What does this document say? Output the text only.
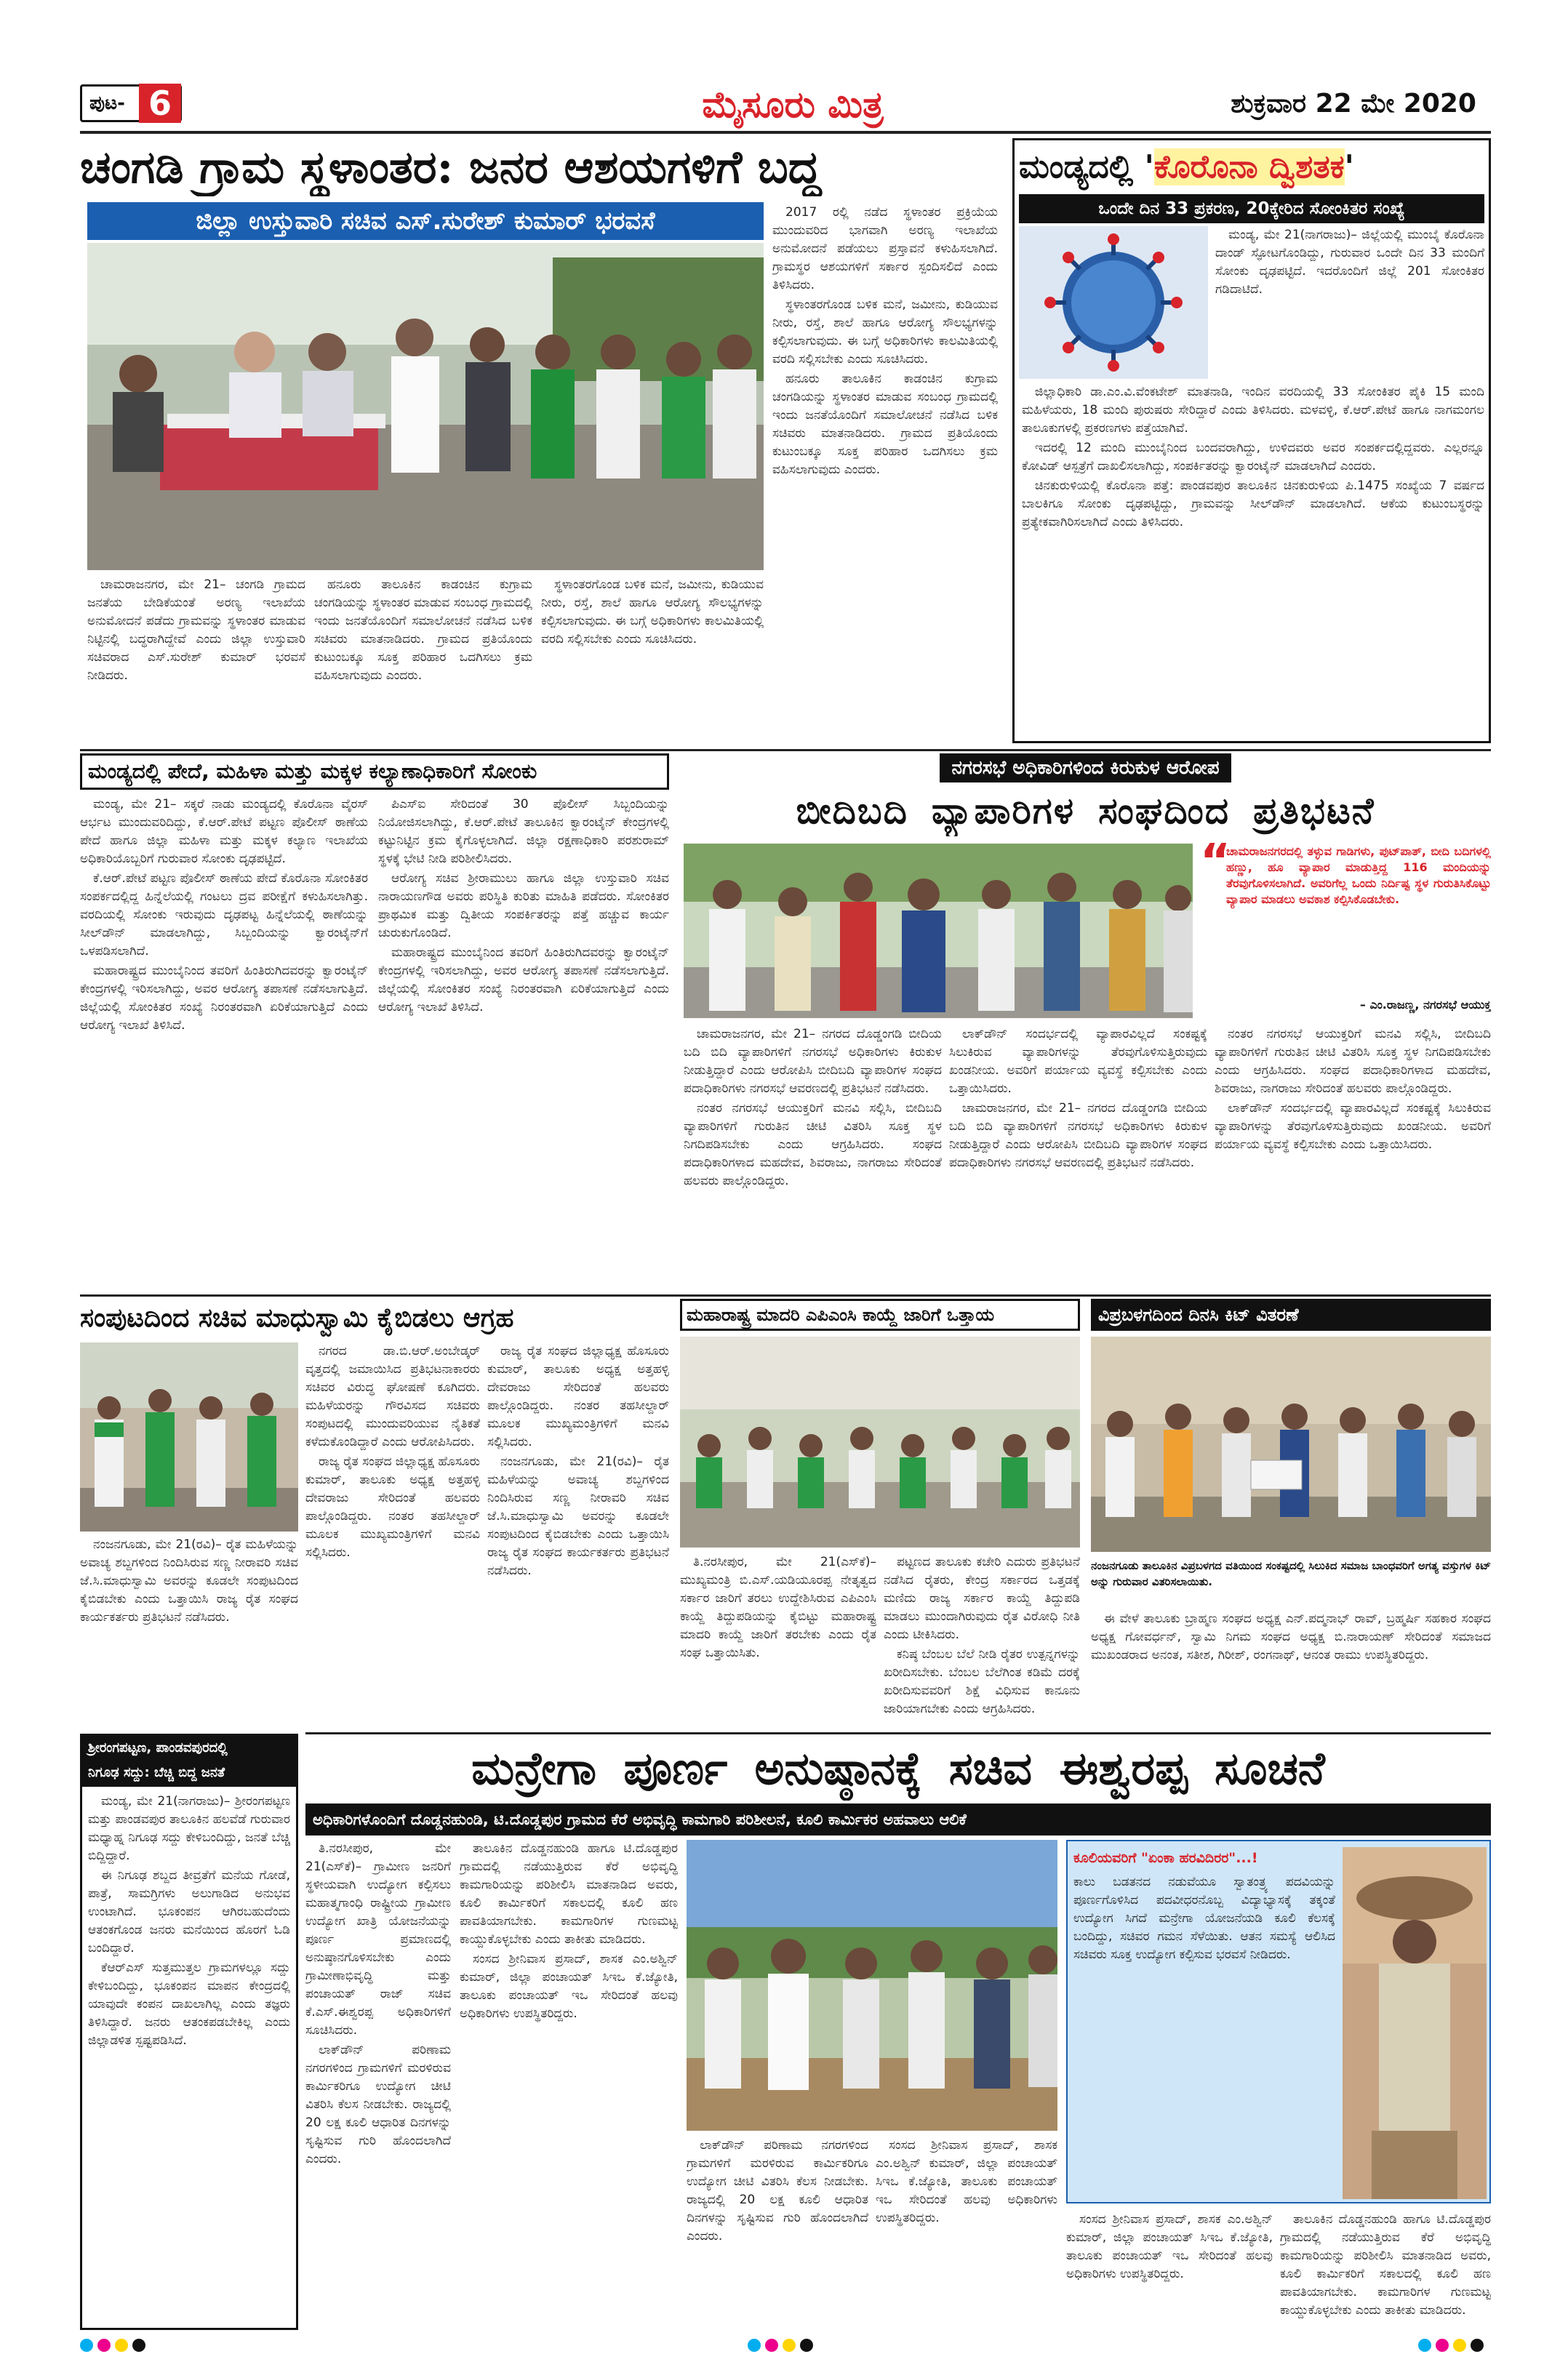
ಪುಟ- 6	ಮೈಸೂರು ಮಿತ್ರ	ಶುಕ್ರವಾರ 22 ಮೇ 2020
ಚಂಗಡಿ ಗ್ರಾಮ ಸ್ಥಳಾಂತರ: ಜನರ ಆಶಯಗಳಿಗೆ ಬದ್ಧ
ಜಿಲ್ಲಾ ಉಸ್ತುವಾರಿ ಸಚಿವ ಎಸ್.ಸುರೇಶ್ ಕುಮಾರ್ ಭರವಸೆ

ಚಾಮರಾಜನಗರ, ಮೇ 21– ಚಂಗಡಿ ಗ್ರಾಮದ ಜನತೆಯ ಬೇಡಿಕೆಯಂತೆ ಅರಣ್ಯ ಇಲಾಖೆಯ ಅನುಮೋದನೆ ಪಡೆದು ಗ್ರಾಮವನ್ನು ಸ್ಥಳಾಂತರ ಮಾಡುವ ನಿಟ್ಟಿನಲ್ಲಿ ಬದ್ಧರಾಗಿದ್ದೇವೆ ಎಂದು ಜಿಲ್ಲಾ ಉಸ್ತುವಾರಿ ಸಚಿವರಾದ ಎಸ್.ಸುರೇಶ್ ಕುಮಾರ್ ಭರವಸೆ ನೀಡಿದರು.

ಹನೂರು ತಾಲೂಕಿನ ಕಾಡಂಚಿನ ಕುಗ್ರಾಮ ಚಂಗಡಿಯನ್ನು ಸ್ಥಳಾಂತರ ಮಾಡುವ ಸಂಬಂಧ ಗ್ರಾಮದಲ್ಲಿ ಇಂದು ಜನತೆಯೊಂದಿಗೆ ಸಮಾಲೋಚನೆ ನಡೆಸಿದ ಬಳಿಕ ಸಚಿವರು ಮಾತನಾಡಿದರು. ಗ್ರಾಮದ ಪ್ರತಿಯೊಂದು ಕುಟುಂಬಕ್ಕೂ ಸೂಕ್ತ ಪರಿಹಾರ ಒದಗಿಸಲು ಕ್ರಮ ವಹಿಸಲಾಗುವುದು ಎಂದರು.

ಸ್ಥಳಾಂತರಗೊಂಡ ಬಳಿಕ ಮನೆ, ಜಮೀನು, ಕುಡಿಯುವ ನೀರು, ರಸ್ತೆ, ಶಾಲೆ ಹಾಗೂ ಆರೋಗ್ಯ ಸೌಲಭ್ಯಗಳನ್ನು ಕಲ್ಪಿಸಲಾಗುವುದು. ಈ ಬಗ್ಗೆ ಅಧಿಕಾರಿಗಳು ಕಾಲಮಿತಿಯಲ್ಲಿ ವರದಿ ಸಲ್ಲಿಸಬೇಕು ಎಂದು ಸೂಚಿಸಿದರು.

2017 ರಲ್ಲಿ ನಡೆದ ಸ್ಥಳಾಂತರ ಪ್ರಕ್ರಿಯೆಯ ಮುಂದುವರಿದ ಭಾಗವಾಗಿ ಅರಣ್ಯ ಇಲಾಖೆಯ ಅನುಮೋದನೆ ಪಡೆಯಲು ಪ್ರಸ್ತಾವನೆ ಕಳುಹಿಸಲಾಗಿದೆ. ಗ್ರಾಮಸ್ಥರ ಆಶಯಗಳಿಗೆ ಸರ್ಕಾರ ಸ್ಪಂದಿಸಲಿದೆ ಎಂದು ತಿಳಿಸಿದರು.

ಸ್ಥಳಾಂತರಗೊಂಡ ಬಳಿಕ ಮನೆ, ಜಮೀನು, ಕುಡಿಯುವ ನೀರು, ರಸ್ತೆ, ಶಾಲೆ ಹಾಗೂ ಆರೋಗ್ಯ ಸೌಲಭ್ಯಗಳನ್ನು ಕಲ್ಪಿಸಲಾಗುವುದು. ಈ ಬಗ್ಗೆ ಅಧಿಕಾರಿಗಳು ಕಾಲಮಿತಿಯಲ್ಲಿ ವರದಿ ಸಲ್ಲಿಸಬೇಕು ಎಂದು ಸೂಚಿಸಿದರು.

ಹನೂರು ತಾಲೂಕಿನ ಕಾಡಂಚಿನ ಕುಗ್ರಾಮ ಚಂಗಡಿಯನ್ನು ಸ್ಥಳಾಂತರ ಮಾಡುವ ಸಂಬಂಧ ಗ್ರಾಮದಲ್ಲಿ ಇಂದು ಜನತೆಯೊಂದಿಗೆ ಸಮಾಲೋಚನೆ ನಡೆಸಿದ ಬಳಿಕ ಸಚಿವರು ಮಾತನಾಡಿದರು. ಗ್ರಾಮದ ಪ್ರತಿಯೊಂದು ಕುಟುಂಬಕ್ಕೂ ಸೂಕ್ತ ಪರಿಹಾರ ಒದಗಿಸಲು ಕ್ರಮ ವಹಿಸಲಾಗುವುದು ಎಂದರು.

ಮಂಡ್ಯದಲ್ಲಿ 'ಕೊರೊನಾ ದ್ವಿಶತಕ'
ಒಂದೇ ದಿನ 33 ಪ್ರಕರಣ, 20ಕ್ಕೇರಿದ ಸೋಂಕಿತರ ಸಂಖ್ಯೆ

ಮಂಡ್ಯ, ಮೇ 21(ನಾಗರಾಜು)– ಜಿಲ್ಲೆಯಲ್ಲಿ ಮುಂಬೈ ಕೊರೊನಾ ದಾಂಡ್ ಸ್ಫೋಟಗೊಂಡಿದ್ದು, ಗುರುವಾರ ಒಂದೇ ದಿನ 33 ಮಂದಿಗೆ ಸೋಂಕು ದೃಢಪಟ್ಟಿದೆ. ಇದರೊಂದಿಗೆ ಜಿಲ್ಲೆ 201 ಸೋಂಕಿತರ ಗಡಿದಾಟಿದೆ.

ಜಿಲ್ಲಾಧಿಕಾರಿ ಡಾ.ಎಂ.ವಿ.ವೆಂಕಟೇಶ್ ಮಾತನಾಡಿ, ಇಂದಿನ ವರದಿಯಲ್ಲಿ 33 ಸೋಂಕಿತರ ಪೈಕಿ 15 ಮಂದಿ ಮಹಿಳೆಯರು, 18 ಮಂದಿ ಪುರುಷರು ಸೇರಿದ್ದಾರೆ ಎಂದು ತಿಳಿಸಿದರು. ಮಳವಳ್ಳಿ, ಕೆ.ಆರ್.ಪೇಟೆ ಹಾಗೂ ನಾಗಮಂಗಲ ತಾಲೂಕುಗಳಲ್ಲಿ ಪ್ರಕರಣಗಳು ಪತ್ತೆಯಾಗಿವೆ.

ಇದರಲ್ಲಿ 12 ಮಂದಿ ಮುಂಬೈನಿಂದ ಬಂದವರಾಗಿದ್ದು, ಉಳಿದವರು ಅವರ ಸಂಪರ್ಕದಲ್ಲಿದ್ದವರು. ಎಲ್ಲರನ್ನೂ ಕೋವಿಡ್ ಆಸ್ಪತ್ರೆಗೆ ದಾಖಲಿಸಲಾಗಿದ್ದು, ಸಂಪರ್ಕಿತರನ್ನು ಕ್ವಾರಂಟೈನ್ ಮಾಡಲಾಗಿದೆ ಎಂದರು.

ಚಿನಕುರುಳಿಯಲ್ಲಿ ಕೊರೊನಾ ಪತ್ತೆ: ಪಾಂಡವಪುರ ತಾಲೂಕಿನ ಚಿನಕುರುಳಿಯ ಪಿ.1475 ಸಂಖ್ಯೆಯ 7 ವರ್ಷದ ಬಾಲಕಿಗೂ ಸೋಂಕು ದೃಢಪಟ್ಟಿದ್ದು, ಗ್ರಾಮವನ್ನು ಸೀಲ್‌ಡೌನ್ ಮಾಡಲಾಗಿದೆ. ಆಕೆಯ ಕುಟುಂಬಸ್ಥರನ್ನು ಪ್ರತ್ಯೇಕವಾಗಿರಿಸಲಾಗಿದೆ ಎಂದು ತಿಳಿಸಿದರು.

ಮಂಡ್ಯದಲ್ಲಿ ಪೇದೆ, ಮಹಿಳಾ ಮತ್ತು ಮಕ್ಕಳ ಕಲ್ಯಾಣಾಧಿಕಾರಿಗೆ ಸೋಂಕು

ಮಂಡ್ಯ, ಮೇ 21– ಸಕ್ಕರೆ ನಾಡು ಮಂಡ್ಯದಲ್ಲಿ ಕೊರೊನಾ ವೈರಸ್ ಆರ್ಭಟ ಮುಂದುವರಿದಿದ್ದು, ಕೆ.ಆರ್.ಪೇಟೆ ಪಟ್ಟಣ ಪೊಲೀಸ್ ಠಾಣೆಯ ಪೇದೆ ಹಾಗೂ ಜಿಲ್ಲಾ ಮಹಿಳಾ ಮತ್ತು ಮಕ್ಕಳ ಕಲ್ಯಾಣ ಇಲಾಖೆಯ ಅಧಿಕಾರಿಯೊಬ್ಬರಿಗೆ ಗುರುವಾರ ಸೋಂಕು ದೃಢಪಟ್ಟಿದೆ.

ಕೆ.ಆರ್.ಪೇಟೆ ಪಟ್ಟಣ ಪೊಲೀಸ್ ಠಾಣೆಯ ಪೇದೆ ಕೊರೊನಾ ಸೋಂಕಿತರ ಸಂಪರ್ಕದಲ್ಲಿದ್ದ ಹಿನ್ನೆಲೆಯಲ್ಲಿ ಗಂಟಲು ದ್ರವ ಪರೀಕ್ಷೆಗೆ ಕಳುಹಿಸಲಾಗಿತ್ತು. ವರದಿಯಲ್ಲಿ ಸೋಂಕು ಇರುವುದು ದೃಢಪಟ್ಟ ಹಿನ್ನೆಲೆಯಲ್ಲಿ ಠಾಣೆಯನ್ನು ಸೀಲ್‌ಡೌನ್ ಮಾಡಲಾಗಿದ್ದು, ಸಿಬ್ಬಂದಿಯನ್ನು ಕ್ವಾರಂಟೈನ್‌ಗೆ ಒಳಪಡಿಸಲಾಗಿದೆ.

ಮಹಾರಾಷ್ಟ್ರದ ಮುಂಬೈನಿಂದ ತವರಿಗೆ ಹಿಂತಿರುಗಿದವರನ್ನು ಕ್ವಾರಂಟೈನ್ ಕೇಂದ್ರಗಳಲ್ಲಿ ಇರಿಸಲಾಗಿದ್ದು, ಅವರ ಆರೋಗ್ಯ ತಪಾಸಣೆ ನಡೆಸಲಾಗುತ್ತಿದೆ. ಜಿಲ್ಲೆಯಲ್ಲಿ ಸೋಂಕಿತರ ಸಂಖ್ಯೆ ನಿರಂತರವಾಗಿ ಏರಿಕೆಯಾಗುತ್ತಿದೆ ಎಂದು ಆರೋಗ್ಯ ಇಲಾಖೆ ತಿಳಿಸಿದೆ.

ಪಿಎಸ್ಐ ಸೇರಿದಂತೆ 30 ಪೊಲೀಸ್ ಸಿಬ್ಬಂದಿಯನ್ನು ನಿಯೋಜಿಸಲಾಗಿದ್ದು, ಕೆ.ಆರ್.ಪೇಟೆ ತಾಲೂಕಿನ ಕ್ವಾರಂಟೈನ್ ಕೇಂದ್ರಗಳಲ್ಲಿ ಕಟ್ಟುನಿಟ್ಟಿನ ಕ್ರಮ ಕೈಗೊಳ್ಳಲಾಗಿದೆ. ಜಿಲ್ಲಾ ರಕ್ಷಣಾಧಿಕಾರಿ ಪರಶುರಾಮ್ ಸ್ಥಳಕ್ಕೆ ಭೇಟಿ ನೀಡಿ ಪರಿಶೀಲಿಸಿದರು.

ಆರೋಗ್ಯ ಸಚಿವ ಶ್ರೀರಾಮುಲು ಹಾಗೂ ಜಿಲ್ಲಾ ಉಸ್ತುವಾರಿ ಸಚಿವ ನಾರಾಯಣಗೌಡ ಅವರು ಪರಿಸ್ಥಿತಿ ಕುರಿತು ಮಾಹಿತಿ ಪಡೆದರು. ಸೋಂಕಿತರ ಪ್ರಾಥಮಿಕ ಮತ್ತು ದ್ವಿತೀಯ ಸಂಪರ್ಕಿತರನ್ನು ಪತ್ತೆ ಹಚ್ಚುವ ಕಾರ್ಯ ಚುರುಕುಗೊಂಡಿದೆ.

ಮಹಾರಾಷ್ಟ್ರದ ಮುಂಬೈನಿಂದ ತವರಿಗೆ ಹಿಂತಿರುಗಿದವರನ್ನು ಕ್ವಾರಂಟೈನ್ ಕೇಂದ್ರಗಳಲ್ಲಿ ಇರಿಸಲಾಗಿದ್ದು, ಅವರ ಆರೋಗ್ಯ ತಪಾಸಣೆ ನಡೆಸಲಾಗುತ್ತಿದೆ. ಜಿಲ್ಲೆಯಲ್ಲಿ ಸೋಂಕಿತರ ಸಂಖ್ಯೆ ನಿರಂತರವಾಗಿ ಏರಿಕೆಯಾಗುತ್ತಿದೆ ಎಂದು ಆರೋಗ್ಯ ಇಲಾಖೆ ತಿಳಿಸಿದೆ.

ನಗರಸಭೆ ಅಧಿಕಾರಿಗಳಿಂದ ಕಿರುಕುಳ ಆರೋಪ
ಬೀದಿಬದಿ ವ್ಯಾಪಾರಿಗಳ ಸಂಘದಿಂದ ಪ್ರತಿಭಟನೆ
“
ಚಾಮರಾಜನಗರದಲ್ಲಿ ತಳ್ಳುವ ಗಾಡಿಗಳು, ಪುಟ್‌ಪಾತ್, ಬೀದಿ ಬದಿಗಳಲ್ಲಿ ಹಣ್ಣು, ಹೂ ವ್ಯಾಪಾರ ಮಾಡುತ್ತಿದ್ದ 116 ಮಂದಿಯನ್ನು ತೆರವುಗೊಳಿಸಲಾಗಿದೆ. ಅವರಿಗೆಲ್ಲ ಒಂದು ನಿರ್ದಿಷ್ಟ ಸ್ಥಳ ಗುರುತಿಸಿಕೊಟ್ಟು ವ್ಯಾಪಾರ ಮಾಡಲು ಅವಕಾಶ ಕಲ್ಪಿಸಿಕೊಡಬೇಕು.
– ಎಂ.ರಾಜಣ್ಣ, ನಗರಸಭೆ ಆಯುಕ್ತ

ಚಾಮರಾಜನಗರ, ಮೇ 21– ನಗರದ ದೊಡ್ಡಂಗಡಿ ಬೀದಿಯ ಬದಿ ಬಿದಿ ವ್ಯಾಪಾರಿಗಳಿಗೆ ನಗರಸಭೆ ಅಧಿಕಾರಿಗಳು ಕಿರುಕುಳ ನೀಡುತ್ತಿದ್ದಾರೆ ಎಂದು ಆರೋಪಿಸಿ ಬೀದಿಬದಿ ವ್ಯಾಪಾರಿಗಳ ಸಂಘದ ಪದಾಧಿಕಾರಿಗಳು ನಗರಸಭೆ ಆವರಣದಲ್ಲಿ ಪ್ರತಿಭಟನೆ ನಡೆಸಿದರು.

ನಂತರ ನಗರಸಭೆ ಆಯುಕ್ತರಿಗೆ ಮನವಿ ಸಲ್ಲಿಸಿ, ಬೀದಿಬದಿ ವ್ಯಾಪಾರಿಗಳಿಗೆ ಗುರುತಿನ ಚೀಟಿ ವಿತರಿಸಿ ಸೂಕ್ತ ಸ್ಥಳ ನಿಗದಿಪಡಿಸಬೇಕು ಎಂದು ಆಗ್ರಹಿಸಿದರು. ಸಂಘದ ಪದಾಧಿಕಾರಿಗಳಾದ ಮಹದೇವ, ಶಿವರಾಜು, ನಾಗರಾಜು ಸೇರಿದಂತೆ ಹಲವರು ಪಾಲ್ಗೊಂಡಿದ್ದರು.

ಲಾಕ್‌ಡೌನ್ ಸಂದರ್ಭದಲ್ಲಿ ವ್ಯಾಪಾರವಿಲ್ಲದೆ ಸಂಕಷ್ಟಕ್ಕೆ ಸಿಲುಕಿರುವ ವ್ಯಾಪಾರಿಗಳನ್ನು ತೆರವುಗೊಳಿಸುತ್ತಿರುವುದು ಖಂಡನೀಯ. ಅವರಿಗೆ ಪರ್ಯಾಯ ವ್ಯವಸ್ಥೆ ಕಲ್ಪಿಸಬೇಕು ಎಂದು ಒತ್ತಾಯಿಸಿದರು.

ಚಾಮರಾಜನಗರ, ಮೇ 21– ನಗರದ ದೊಡ್ಡಂಗಡಿ ಬೀದಿಯ ಬದಿ ಬಿದಿ ವ್ಯಾಪಾರಿಗಳಿಗೆ ನಗರಸಭೆ ಅಧಿಕಾರಿಗಳು ಕಿರುಕುಳ ನೀಡುತ್ತಿದ್ದಾರೆ ಎಂದು ಆರೋಪಿಸಿ ಬೀದಿಬದಿ ವ್ಯಾಪಾರಿಗಳ ಸಂಘದ ಪದಾಧಿಕಾರಿಗಳು ನಗರಸಭೆ ಆವರಣದಲ್ಲಿ ಪ್ರತಿಭಟನೆ ನಡೆಸಿದರು.

ನಂತರ ನಗರಸಭೆ ಆಯುಕ್ತರಿಗೆ ಮನವಿ ಸಲ್ಲಿಸಿ, ಬೀದಿಬದಿ ವ್ಯಾಪಾರಿಗಳಿಗೆ ಗುರುತಿನ ಚೀಟಿ ವಿತರಿಸಿ ಸೂಕ್ತ ಸ್ಥಳ ನಿಗದಿಪಡಿಸಬೇಕು ಎಂದು ಆಗ್ರಹಿಸಿದರು. ಸಂಘದ ಪದಾಧಿಕಾರಿಗಳಾದ ಮಹದೇವ, ಶಿವರಾಜು, ನಾಗರಾಜು ಸೇರಿದಂತೆ ಹಲವರು ಪಾಲ್ಗೊಂಡಿದ್ದರು.

ಲಾಕ್‌ಡೌನ್ ಸಂದರ್ಭದಲ್ಲಿ ವ್ಯಾಪಾರವಿಲ್ಲದೆ ಸಂಕಷ್ಟಕ್ಕೆ ಸಿಲುಕಿರುವ ವ್ಯಾಪಾರಿಗಳನ್ನು ತೆರವುಗೊಳಿಸುತ್ತಿರುವುದು ಖಂಡನೀಯ. ಅವರಿಗೆ ಪರ್ಯಾಯ ವ್ಯವಸ್ಥೆ ಕಲ್ಪಿಸಬೇಕು ಎಂದು ಒತ್ತಾಯಿಸಿದರು.

ಸಂಪುಟದಿಂದ ಸಚಿವ ಮಾಧುಸ್ವಾಮಿ ಕೈಬಿಡಲು ಆಗ್ರಹ

ನಂಜನಗೂಡು, ಮೇ 21(ರವಿ)– ರೈತ ಮಹಿಳೆಯನ್ನು ಅವಾಚ್ಯ ಶಬ್ದಗಳಿಂದ ನಿಂದಿಸಿರುವ ಸಣ್ಣ ನೀರಾವರಿ ಸಚಿವ ಜೆ.ಸಿ.ಮಾಧುಸ್ವಾಮಿ ಅವರನ್ನು ಕೂಡಲೇ ಸಂಪುಟದಿಂದ ಕೈಬಿಡಬೇಕು ಎಂದು ಒತ್ತಾಯಿಸಿ ರಾಜ್ಯ ರೈತ ಸಂಘದ ಕಾರ್ಯಕರ್ತರು ಪ್ರತಿಭಟನೆ ನಡೆಸಿದರು.

ನಗರದ ಡಾ.ಬಿ.ಆರ್.ಅಂಬೇಡ್ಕರ್ ವೃತ್ತದಲ್ಲಿ ಜಮಾಯಿಸಿದ ಪ್ರತಿಭಟನಾಕಾರರು ಸಚಿವರ ವಿರುದ್ಧ ಘೋಷಣೆ ಕೂಗಿದರು. ಮಹಿಳೆಯರನ್ನು ಗೌರವಿಸದ ಸಚಿವರು ಸಂಪುಟದಲ್ಲಿ ಮುಂದುವರಿಯುವ ನೈತಿಕತೆ ಕಳೆದುಕೊಂಡಿದ್ದಾರೆ ಎಂದು ಆರೋಪಿಸಿದರು.

ರಾಜ್ಯ ರೈತ ಸಂಘದ ಜಿಲ್ಲಾಧ್ಯಕ್ಷ ಹೊಸೂರು ಕುಮಾರ್, ತಾಲೂಕು ಅಧ್ಯಕ್ಷ ಅತ್ತಹಳ್ಳಿ ದೇವರಾಜು ಸೇರಿದಂತೆ ಹಲವರು ಪಾಲ್ಗೊಂಡಿದ್ದರು. ನಂತರ ತಹಸೀಲ್ದಾರ್ ಮೂಲಕ ಮುಖ್ಯಮಂತ್ರಿಗಳಿಗೆ ಮನವಿ ಸಲ್ಲಿಸಿದರು.

ರಾಜ್ಯ ರೈತ ಸಂಘದ ಜಿಲ್ಲಾಧ್ಯಕ್ಷ ಹೊಸೂರು ಕುಮಾರ್, ತಾಲೂಕು ಅಧ್ಯಕ್ಷ ಅತ್ತಹಳ್ಳಿ ದೇವರಾಜು ಸೇರಿದಂತೆ ಹಲವರು ಪಾಲ್ಗೊಂಡಿದ್ದರು. ನಂತರ ತಹಸೀಲ್ದಾರ್ ಮೂಲಕ ಮುಖ್ಯಮಂತ್ರಿಗಳಿಗೆ ಮನವಿ ಸಲ್ಲಿಸಿದರು.

ನಂಜನಗೂಡು, ಮೇ 21(ರವಿ)– ರೈತ ಮಹಿಳೆಯನ್ನು ಅವಾಚ್ಯ ಶಬ್ದಗಳಿಂದ ನಿಂದಿಸಿರುವ ಸಣ್ಣ ನೀರಾವರಿ ಸಚಿವ ಜೆ.ಸಿ.ಮಾಧುಸ್ವಾಮಿ ಅವರನ್ನು ಕೂಡಲೇ ಸಂಪುಟದಿಂದ ಕೈಬಿಡಬೇಕು ಎಂದು ಒತ್ತಾಯಿಸಿ ರಾಜ್ಯ ರೈತ ಸಂಘದ ಕಾರ್ಯಕರ್ತರು ಪ್ರತಿಭಟನೆ ನಡೆಸಿದರು.

ಮಹಾರಾಷ್ಟ್ರ ಮಾದರಿ ಎಪಿಎಂಸಿ ಕಾಯ್ದೆ ಜಾರಿಗೆ ಒತ್ತಾಯ

ತಿ.ನರಸೀಪುರ, ಮೇ 21(ಎಸ್‌ಕೆ)– ಮುಖ್ಯಮಂತ್ರಿ ಬಿ.ಎಸ್.ಯಡಿಯೂರಪ್ಪ ನೇತೃತ್ವದ ಸರ್ಕಾರ ಜಾರಿಗೆ ತರಲು ಉದ್ದೇಶಿಸಿರುವ ಎಪಿಎಂಸಿ ಕಾಯ್ದೆ ತಿದ್ದುಪಡಿಯನ್ನು ಕೈಬಿಟ್ಟು ಮಹಾರಾಷ್ಟ್ರ ಮಾದರಿ ಕಾಯ್ದೆ ಜಾರಿಗೆ ತರಬೇಕು ಎಂದು ರೈತ ಸಂಘ ಒತ್ತಾಯಿಸಿತು.

ಪಟ್ಟಣದ ತಾಲೂಕು ಕಚೇರಿ ಎದುರು ಪ್ರತಿಭಟನೆ ನಡೆಸಿದ ರೈತರು, ಕೇಂದ್ರ ಸರ್ಕಾರದ ಒತ್ತಡಕ್ಕೆ ಮಣಿದು ರಾಜ್ಯ ಸರ್ಕಾರ ಕಾಯ್ದೆ ತಿದ್ದುಪಡಿ ಮಾಡಲು ಮುಂದಾಗಿರುವುದು ರೈತ ವಿರೋಧಿ ನೀತಿ ಎಂದು ಟೀಕಿಸಿದರು.

ಕನಿಷ್ಠ ಬೆಂಬಲ ಬೆಲೆ ನೀಡಿ ರೈತರ ಉತ್ಪನ್ನಗಳನ್ನು ಖರೀದಿಸಬೇಕು. ಬೆಂಬಲ ಬೆಲೆಗಿಂತ ಕಡಿಮೆ ದರಕ್ಕೆ ಖರೀದಿಸುವವರಿಗೆ ಶಿಕ್ಷೆ ವಿಧಿಸುವ ಕಾನೂನು ಜಾರಿಯಾಗಬೇಕು ಎಂದು ಆಗ್ರಹಿಸಿದರು.

ವಿಪ್ರಬಳಗದಿಂದ ದಿನಸಿ ಕಿಟ್ ವಿತರಣೆ
ನಂಜನಗೂಡು ತಾಲೂಕಿನ ವಿಪ್ರಬಳಗದ ವತಿಯಿಂದ ಸಂಕಷ್ಟದಲ್ಲಿ ಸಿಲುಕಿದ ಸಮಾಜ ಬಾಂಧವರಿಗೆ ಅಗತ್ಯ ವಸ್ತುಗಳ ಕಿಟ್ ಅನ್ನು ಗುರುವಾರ ವಿತರಿಸಲಾಯಿತು.

ಈ ವೇಳೆ ತಾಲೂಕು ಬ್ರಾಹ್ಮಣ ಸಂಘದ ಅಧ್ಯಕ್ಷ ಎನ್.ಪದ್ಮನಾಭ್ ರಾವ್, ಬ್ರಹ್ಮರ್ಷಿ ಸಹಕಾರ ಸಂಘದ ಅಧ್ಯಕ್ಷ ಗೋವರ್ಧನ್, ಸ್ವಾಮಿ ನಿಗಮ ಸಂಘದ ಅಧ್ಯಕ್ಷ ಬಿ.ನಾರಾಯಣ್ ಸೇರಿದಂತೆ ಸಮಾಜದ ಮುಖಂಡರಾದ ಅನಂತ, ಸತೀಶ, ಗಿರೀಶ್, ರಂಗನಾಥ್, ಆನಂತ ರಾಮು ಉಪಸ್ಥಿತರಿದ್ದರು.

ಶ್ರೀರಂಗಪಟ್ಟಣ, ಪಾಂಡವಪುರದಲ್ಲಿ
ನಿಗೂಢ ಸದ್ದು: ಬೆಚ್ಚಿ ಬಿದ್ದ ಜನತೆ

ಮಂಡ್ಯ, ಮೇ 21(ನಾಗರಾಜು)– ಶ್ರೀರಂಗಪಟ್ಟಣ ಮತ್ತು ಪಾಂಡವಪುರ ತಾಲೂಕಿನ ಹಲವೆಡೆ ಗುರುವಾರ ಮಧ್ಯಾಹ್ನ ನಿಗೂಢ ಸದ್ದು ಕೇಳಿಬಂದಿದ್ದು, ಜನತೆ ಬೆಚ್ಚಿ ಬಿದ್ದಿದ್ದಾರೆ.

ಈ ನಿಗೂಢ ಶಬ್ದದ ತೀವ್ರತೆಗೆ ಮನೆಯ ಗೋಡೆ, ಪಾತ್ರೆ, ಸಾಮಗ್ರಿಗಳು ಅಲುಗಾಡಿದ ಅನುಭವ ಉಂಟಾಗಿದೆ. ಭೂಕಂಪನ ಆಗಿರಬಹುದೆಂದು ಆತಂಕಗೊಂಡ ಜನರು ಮನೆಯಿಂದ ಹೊರಗೆ ಓಡಿ ಬಂದಿದ್ದಾರೆ.

ಕೆಆರ್‌ಎಸ್ ಸುತ್ತಮುತ್ತಲ ಗ್ರಾಮಗಳಲ್ಲೂ ಸದ್ದು ಕೇಳಿಬಂದಿದ್ದು, ಭೂಕಂಪನ ಮಾಪನ ಕೇಂದ್ರದಲ್ಲಿ ಯಾವುದೇ ಕಂಪನ ದಾಖಲಾಗಿಲ್ಲ ಎಂದು ತಜ್ಞರು ತಿಳಿಸಿದ್ದಾರೆ. ಜನರು ಆತಂಕಪಡಬೇಕಿಲ್ಲ ಎಂದು ಜಿಲ್ಲಾಡಳಿತ ಸ್ಪಷ್ಟಪಡಿಸಿದೆ.

ಮನ್ರೇಗಾ ಪೂರ್ಣ ಅನುಷ್ಠಾನಕ್ಕೆ ಸಚಿವ ಈಶ್ವರಪ್ಪ ಸೂಚನೆ
ಅಧಿಕಾರಿಗಳೊಂದಿಗೆ ದೊಡ್ಡನಹುಂಡಿ, ಟಿ.ದೊಡ್ಡಪುರ ಗ್ರಾಮದ ಕೆರೆ ಅಭಿವೃದ್ಧಿ ಕಾಮಗಾರಿ ಪರಿಶೀಲನೆ, ಕೂಲಿ ಕಾರ್ಮಿಕರ ಅಹವಾಲು ಆಲಿಕೆ

ತಿ.ನರಸೀಪುರ, ಮೇ 21(ಎಸ್‌ಕೆ)– ಗ್ರಾಮೀಣ ಜನರಿಗೆ ಸ್ಥಳೀಯವಾಗಿ ಉದ್ಯೋಗ ಕಲ್ಪಿಸಲು ಮಹಾತ್ಮಗಾಂಧಿ ರಾಷ್ಟ್ರೀಯ ಗ್ರಾಮೀಣ ಉದ್ಯೋಗ ಖಾತ್ರಿ ಯೋಜನೆಯನ್ನು ಪೂರ್ಣ ಪ್ರಮಾಣದಲ್ಲಿ ಅನುಷ್ಠಾನಗೊಳಿಸಬೇಕು ಎಂದು ಗ್ರಾಮೀಣಾಭಿವೃದ್ಧಿ ಮತ್ತು ಪಂಚಾಯತ್ ರಾಜ್ ಸಚಿವ ಕೆ.ಎಸ್.ಈಶ್ವರಪ್ಪ ಅಧಿಕಾರಿಗಳಿಗೆ ಸೂಚಿಸಿದರು.

ಲಾಕ್‌ಡೌನ್ ಪರಿಣಾಮ ನಗರಗಳಿಂದ ಗ್ರಾಮಗಳಿಗೆ ಮರಳಿರುವ ಕಾರ್ಮಿಕರಿಗೂ ಉದ್ಯೋಗ ಚೀಟಿ ವಿತರಿಸಿ ಕೆಲಸ ನೀಡಬೇಕು. ರಾಜ್ಯದಲ್ಲಿ 20 ಲಕ್ಷ ಕೂಲಿ ಆಧಾರಿತ ದಿನಗಳನ್ನು ಸೃಷ್ಟಿಸುವ ಗುರಿ ಹೊಂದಲಾಗಿದೆ ಎಂದರು.

ತಾಲೂಕಿನ ದೊಡ್ಡನಹುಂಡಿ ಹಾಗೂ ಟಿ.ದೊಡ್ಡಪುರ ಗ್ರಾಮದಲ್ಲಿ ನಡೆಯುತ್ತಿರುವ ಕೆರೆ ಅಭಿವೃದ್ಧಿ ಕಾಮಗಾರಿಯನ್ನು ಪರಿಶೀಲಿಸಿ ಮಾತನಾಡಿದ ಅವರು, ಕೂಲಿ ಕಾರ್ಮಿಕರಿಗೆ ಸಕಾಲದಲ್ಲಿ ಕೂಲಿ ಹಣ ಪಾವತಿಯಾಗಬೇಕು. ಕಾಮಗಾರಿಗಳ ಗುಣಮಟ್ಟ ಕಾಯ್ದುಕೊಳ್ಳಬೇಕು ಎಂದು ತಾಕೀತು ಮಾಡಿದರು.

ಸಂಸದ ಶ್ರೀನಿವಾಸ ಪ್ರಸಾದ್, ಶಾಸಕ ಎಂ.ಅಶ್ವಿನ್ ಕುಮಾರ್, ಜಿಲ್ಲಾ ಪಂಚಾಯತ್ ಸಿಇಒ ಕೆ.ಜ್ಯೋತಿ, ತಾಲೂಕು ಪಂಚಾಯತ್ ಇಒ ಸೇರಿದಂತೆ ಹಲವು ಅಧಿಕಾರಿಗಳು ಉಪಸ್ಥಿತರಿದ್ದರು.

ಲಾಕ್‌ಡೌನ್ ಪರಿಣಾಮ ನಗರಗಳಿಂದ ಗ್ರಾಮಗಳಿಗೆ ಮರಳಿರುವ ಕಾರ್ಮಿಕರಿಗೂ ಉದ್ಯೋಗ ಚೀಟಿ ವಿತರಿಸಿ ಕೆಲಸ ನೀಡಬೇಕು. ರಾಜ್ಯದಲ್ಲಿ 20 ಲಕ್ಷ ಕೂಲಿ ಆಧಾರಿತ ದಿನಗಳನ್ನು ಸೃಷ್ಟಿಸುವ ಗುರಿ ಹೊಂದಲಾಗಿದೆ ಎಂದರು.

ಸಂಸದ ಶ್ರೀನಿವಾಸ ಪ್ರಸಾದ್, ಶಾಸಕ ಎಂ.ಅಶ್ವಿನ್ ಕುಮಾರ್, ಜಿಲ್ಲಾ ಪಂಚಾಯತ್ ಸಿಇಒ ಕೆ.ಜ್ಯೋತಿ, ತಾಲೂಕು ಪಂಚಾಯತ್ ಇಒ ಸೇರಿದಂತೆ ಹಲವು ಅಧಿಕಾರಿಗಳು ಉಪಸ್ಥಿತರಿದ್ದರು.

ಕೂಲಿಯವರಿಗೆ "ಏಂಕಾ ಹರವಿದಿರರ"...!
ಕಾಲು ಬಡತನದ ನಡುವೆಯೂ ಸ್ವಾತಂತ್ರ್ಯ ಪದವಿಯನ್ನು ಪೂರ್ಣಗೊಳಿಸಿದ ಪದವೀಧರನೊಬ್ಬ ವಿದ್ಯಾಭ್ಯಾಸಕ್ಕೆ ತಕ್ಕಂತೆ ಉದ್ಯೋಗ ಸಿಗದೆ ಮನ್ರೇಗಾ ಯೋಜನೆಯಡಿ ಕೂಲಿ ಕೆಲಸಕ್ಕೆ ಬಂದಿದ್ದು, ಸಚಿವರ ಗಮನ ಸೆಳೆಯಿತು. ಆತನ ಸಮಸ್ಯೆ ಆಲಿಸಿದ ಸಚಿವರು ಸೂಕ್ತ ಉದ್ಯೋಗ ಕಲ್ಪಿಸುವ ಭರವಸೆ ನೀಡಿದರು.

ಸಂಸದ ಶ್ರೀನಿವಾಸ ಪ್ರಸಾದ್, ಶಾಸಕ ಎಂ.ಅಶ್ವಿನ್ ಕುಮಾರ್, ಜಿಲ್ಲಾ ಪಂಚಾಯತ್ ಸಿಇಒ ಕೆ.ಜ್ಯೋತಿ, ತಾಲೂಕು ಪಂಚಾಯತ್ ಇಒ ಸೇರಿದಂತೆ ಹಲವು ಅಧಿಕಾರಿಗಳು ಉಪಸ್ಥಿತರಿದ್ದರು.

ತಾಲೂಕಿನ ದೊಡ್ಡನಹುಂಡಿ ಹಾಗೂ ಟಿ.ದೊಡ್ಡಪುರ ಗ್ರಾಮದಲ್ಲಿ ನಡೆಯುತ್ತಿರುವ ಕೆರೆ ಅಭಿವೃದ್ಧಿ ಕಾಮಗಾರಿಯನ್ನು ಪರಿಶೀಲಿಸಿ ಮಾತನಾಡಿದ ಅವರು, ಕೂಲಿ ಕಾರ್ಮಿಕರಿಗೆ ಸಕಾಲದಲ್ಲಿ ಕೂಲಿ ಹಣ ಪಾವತಿಯಾಗಬೇಕು. ಕಾಮಗಾರಿಗಳ ಗುಣಮಟ್ಟ ಕಾಯ್ದುಕೊಳ್ಳಬೇಕು ಎಂದು ತಾಕೀತು ಮಾಡಿದರು.
